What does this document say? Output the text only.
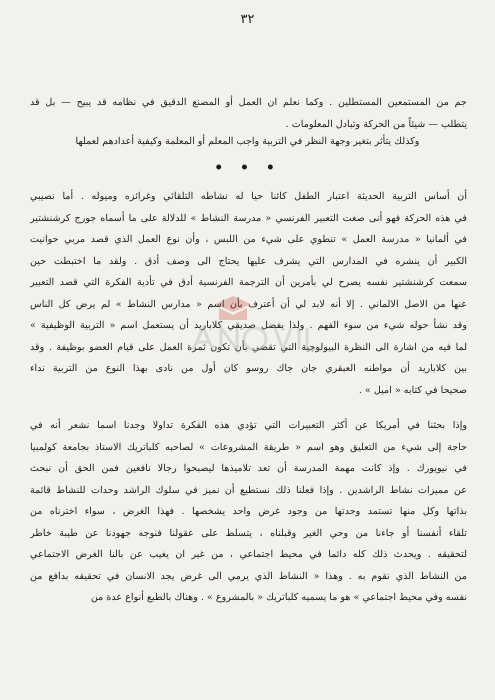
٣٢
جم من المستمعين المستطلين . وكما نعلم ان العمل أو المصنع الدقيق في نظامه قد يبيح — بل قد
يتطلب — شيئاً من الحركة وتبادل المعلومات .
وكذلك يتأثر بتغير وجهة النظر في التربية واجب المعلم أو المعلمة وكيفية أعدادهم لعملها
• • •
أن أساس التربية الحديثة اعتبار الطفل كائنا حيا له نشاطه التلقائي وغرائزه وميوله . أما نصيبي
في هذه الحركة فهو أنى صغت التعبير الفرنسي « مدرسة النشاط » للدلالة على ما أسماه جورج كرشنشتير
في ألمانيا « مدرسة العمل » تنطوي على شيء من اللبس ، وأن نوع العمل الذي قصد مربي حوانيت
الكبير أن ينشره في المدارس التي يشرف عليها يحتاج الى وصف أدق . ولقد ما اختبطت حين
سمعت كرشنشتير نفسه يصرح لي بأمرين أن الترجمة الفرنسية أدق في تأدية الفكرة التي قصد التعبير
عنها من الاصل الالماني . إلا أنه لابد لي أن أعترف بأن اسم « مدارس النشاط » لم يرض كل الناس
وقد نشأ حوله شيء من سوء الفهم . ولذا يفضل صديقي كلاباريد أن يستعمل اسم « التربية الوظيفية »
لما فيه من اشارة الى النظرة البيولوجية التي تقضي بأن تكون ثمرة العمل على قيام العضو بوظيفة . وقد
بين كلاباريد أن مواطنه العبقري جان جاك روسو كان أول من نادى بهذا النوع من التربية نداء
صحيحا في كتابه « اميل » .
وإذا بحثنا في أمريكا عن أكثر التعبيرات التي تؤدي هذه الفكرة تداولا وجدنا اسما نشعر أنه في
حاجة إلى شيء من التعليق وهو اسم « طريقة المشروعات » لصاحبه كلباتريك الاستاذ بجامعة كولمبيا
في نيويورك . وإذ كانت مهمة المدرسة أن تعد تلاميذها ليصبحوا رجالا نافعين فمن الحق أن نبحث
عن مميزات نشاط الراشدين . وإذا فعلنا ذلك نستطيع أن نميز في سلوك الراشد وحدات للنشاط قائمة
بذاتها وكل منها تستمد وحدتها من وجود غرض واحد يشخصها . فهذا الغرض ، سواء اخترناه من
تلقاء أنفسنا أو جاءنا من وحي الغير وقبلناه ، يتسلط على عقولنا فنوجه جهودنا عن طيبة خاطر
لتحقيقه . ويحدث ذلك كله دائما في محيط اجتماعي ، من غير ان يغيب عن بالنا الغرض الاجتماعي
من النشاط الذي نقوم به . وهذا « النشاط الذي يرمي الى غرض يجد الانسان في تحقيقه بدافع من
نفسه وفي محيط اجتماعي » هو ما يسميه كلباتريك « بالمشروع » . وهناك بالطبع أنواع عدة من
